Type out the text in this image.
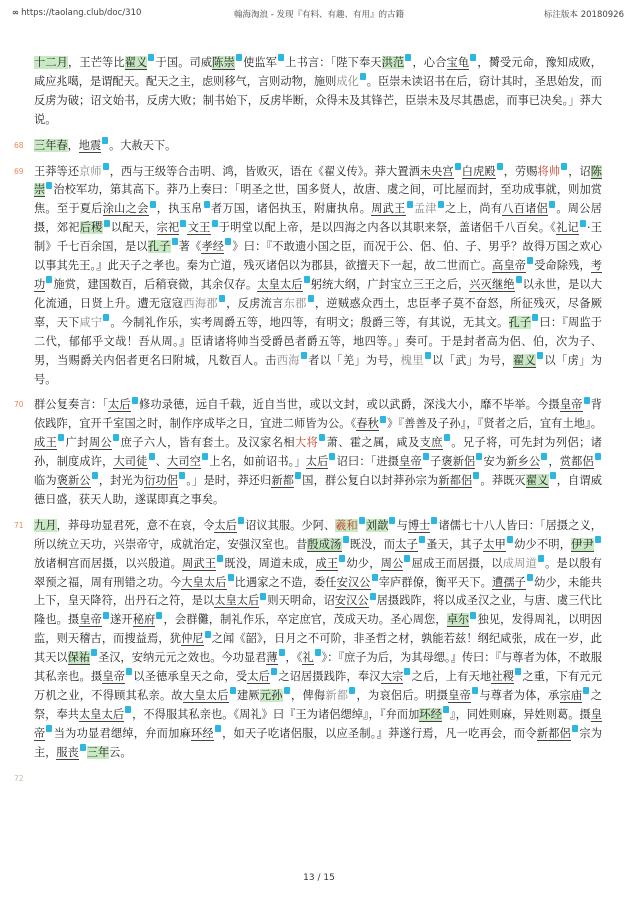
∞ https://taolang.club/doc/310	翰海淘浪 - 发现『有料、有趣、有用』的古籍	标注版本 20180926
十二月，王芒等比翟义 于国。司威陈崇 使监军 上书言：「陛下奉天洪范 ，心合宝龟 ，膥受元命，豫知成败，咸应兆噶，是谓配天。配天之主，虑则移气，言则动物，施则成化 。臣崇未读诏书在后，窃计其时，圣思始发，而反虏为破；诏文始书，反虏大败；制书始下，反虏毕断，众得未及其锋芒，臣崇未及尽其愚虑，而事已决矣。」莽大说。
68 三年春，地震 。大赦天下。
69 王莽等还京师 ，西与王级等合击明、鸿，皆败灭，语在《翟义传》。莽大置酒未央宫 白虎殿 ，劳赐将帅 ，诏陈崇 治校军功，第其高下。莽乃上奏曰：「明圣之世，国多贤人，故唐、虞之间，可比屋而封，至功成事就，则加赏焦。至于夏后涂山之会 ，执玉帛 者万国，诸侶执玉，附庸执帛。周武王 孟津 之上，尚有八百诸侶 。周公居摄，郊祀后稷 以配天，宗祀 文王 于明堂以配上帝，是以四海之内各以其职来祭，盖诸侶千八百矣。《礼记 ·王制》千七百余国，是以孔子 著《孝经 》曰：『不敢遗小国之臣，而况于公、侶、伯、子、男乎？故得万国之欢心以事其先王。』此天子之孝也。秦为亡道，残灭诸侶以为郡县，欲擅天下一起，故二世而亡。高皇帝 受命除残，考功 施赏，建国数百，后稍衰微，其余仅存。太皇太后 躬统大纲，广封宝立三王之后，兴灭继绝 以永世，是以大化流通，日贤上升。遭无寇寇西海郡 ，反虏流言东郡 ，逆贼惑众西土，忠臣孝子莫不奋怒，所征残灭，尽备厥辜，天下咸宁 。今制礼作乐，实考周爵五等，地四等，有明文；殷爵三等，有其说，无其文。孔子 曰：『周监于二代，郁郁乎文哉！吾从周。』臣请诸将帅当受爵邑者爵五等，地四等。」奏可。于是封者高为侶、伯，次为子、男，当赐爵关内侶者更名曰附城，凡数百人。击西海 者以「羌」为号，槐里 以「武」为号，翟义 以「虏」为号。
70 群公复奏言：「太后 修功录德，远自千载，近自当世，或以文封，或以武爵，深浅大小，靡不毕举。今摄皇帝 背依践阼，宜开千室国之时，制作序成毕之日，宜进二师皆为公。《春秋 》『善善及子孙』，『贤者之后，宜有土地』。成王 广封周公 庶子六人，皆有套土。及汉家名相大将 萧、霍之属，咸及支庶 。兄子将，可先封为列侶；诸孙，制度成许，大司徒 、大司空 上名，如前诏书。」太后 诏曰：「进摄皇帝 子褒新侶 安为新乡公 ，赏都侶临为褒新公 ，封光为衍功侶 。」是时，莽还归新都 国，群公复白以封莽孙宗为新都侶 。莽既灭翟义 ，自谓威德日盛，获天人助，遂谋即真之事矣。
71 九月，莽母功显君死，意不在哀，令太后 诏议其服。少阿、羲和 刘歆 与博士 诸儒七十八人皆曰：「居摄之义，所以统立天功，兴崇帝守，成就治定，安强汉室也。昔殷成汤 既没，而太子 蚤天，其子太甲 幼少不明，伊尹放诸桐宫而居摄，以兴殷道。周武王 既没，周道未成，成王 幼少，周公 屈成王而居摄，以成周道 。是以殷有翠预之福，周有刑错之功。今大皇太后 比遇家之不造，委任安汉公 宰庐群僚，衡平天下。遭孺子 幼少，未能共上下，皇天降符，出丹石之符，是以太皇太后 则天明命，诏安汉公 居摄践阼，将以成圣汉之业，与唐、虞三代比隆也。摄皇帝 遂开秘府 ，会群儺，制礼作乐，卒定庶官，茂成天功。圣心周您，卓尔 独见，发得周礼，以明因监，则天稽古，而捜益焉，犹仲尼 之闻《韶》，日月之不可阶，非圣哲之材，孰能若兹！纲纪咸张，成在一岁，此其天以保祐 圣汉，安纳元元之效也。今功显君薄 ，《礼 》：『庶子为后，为其母缌。』传曰：『与尊者为体，不敢服其私亲也。摄皇帝 以圣德承皇天之命，受太后 之诏居摄践阼，奉汉大宗 之后，上有天地社稷 之重，下有元元万机之业，不得顾其私亲。故大皇太后 建厥元孙 ，俾侮新都 ，为哀侶后。明摄皇帝 与尊者为体，承宗庙 之祭，奉共太皇太后 ，不得服其私亲也。《周礼》曰『王为诸侶缌绰』，『弁而加环经 』，同姓则麻，异姓则葛。摄皇帝 当为功显君缌绰，弁而加麻环经 ，如天子吃诸侶服，以应圣制。』莽遂行焉，凡一吃再会，而令新都侶 宗为主，服丧 三年云。
72
13 / 15
